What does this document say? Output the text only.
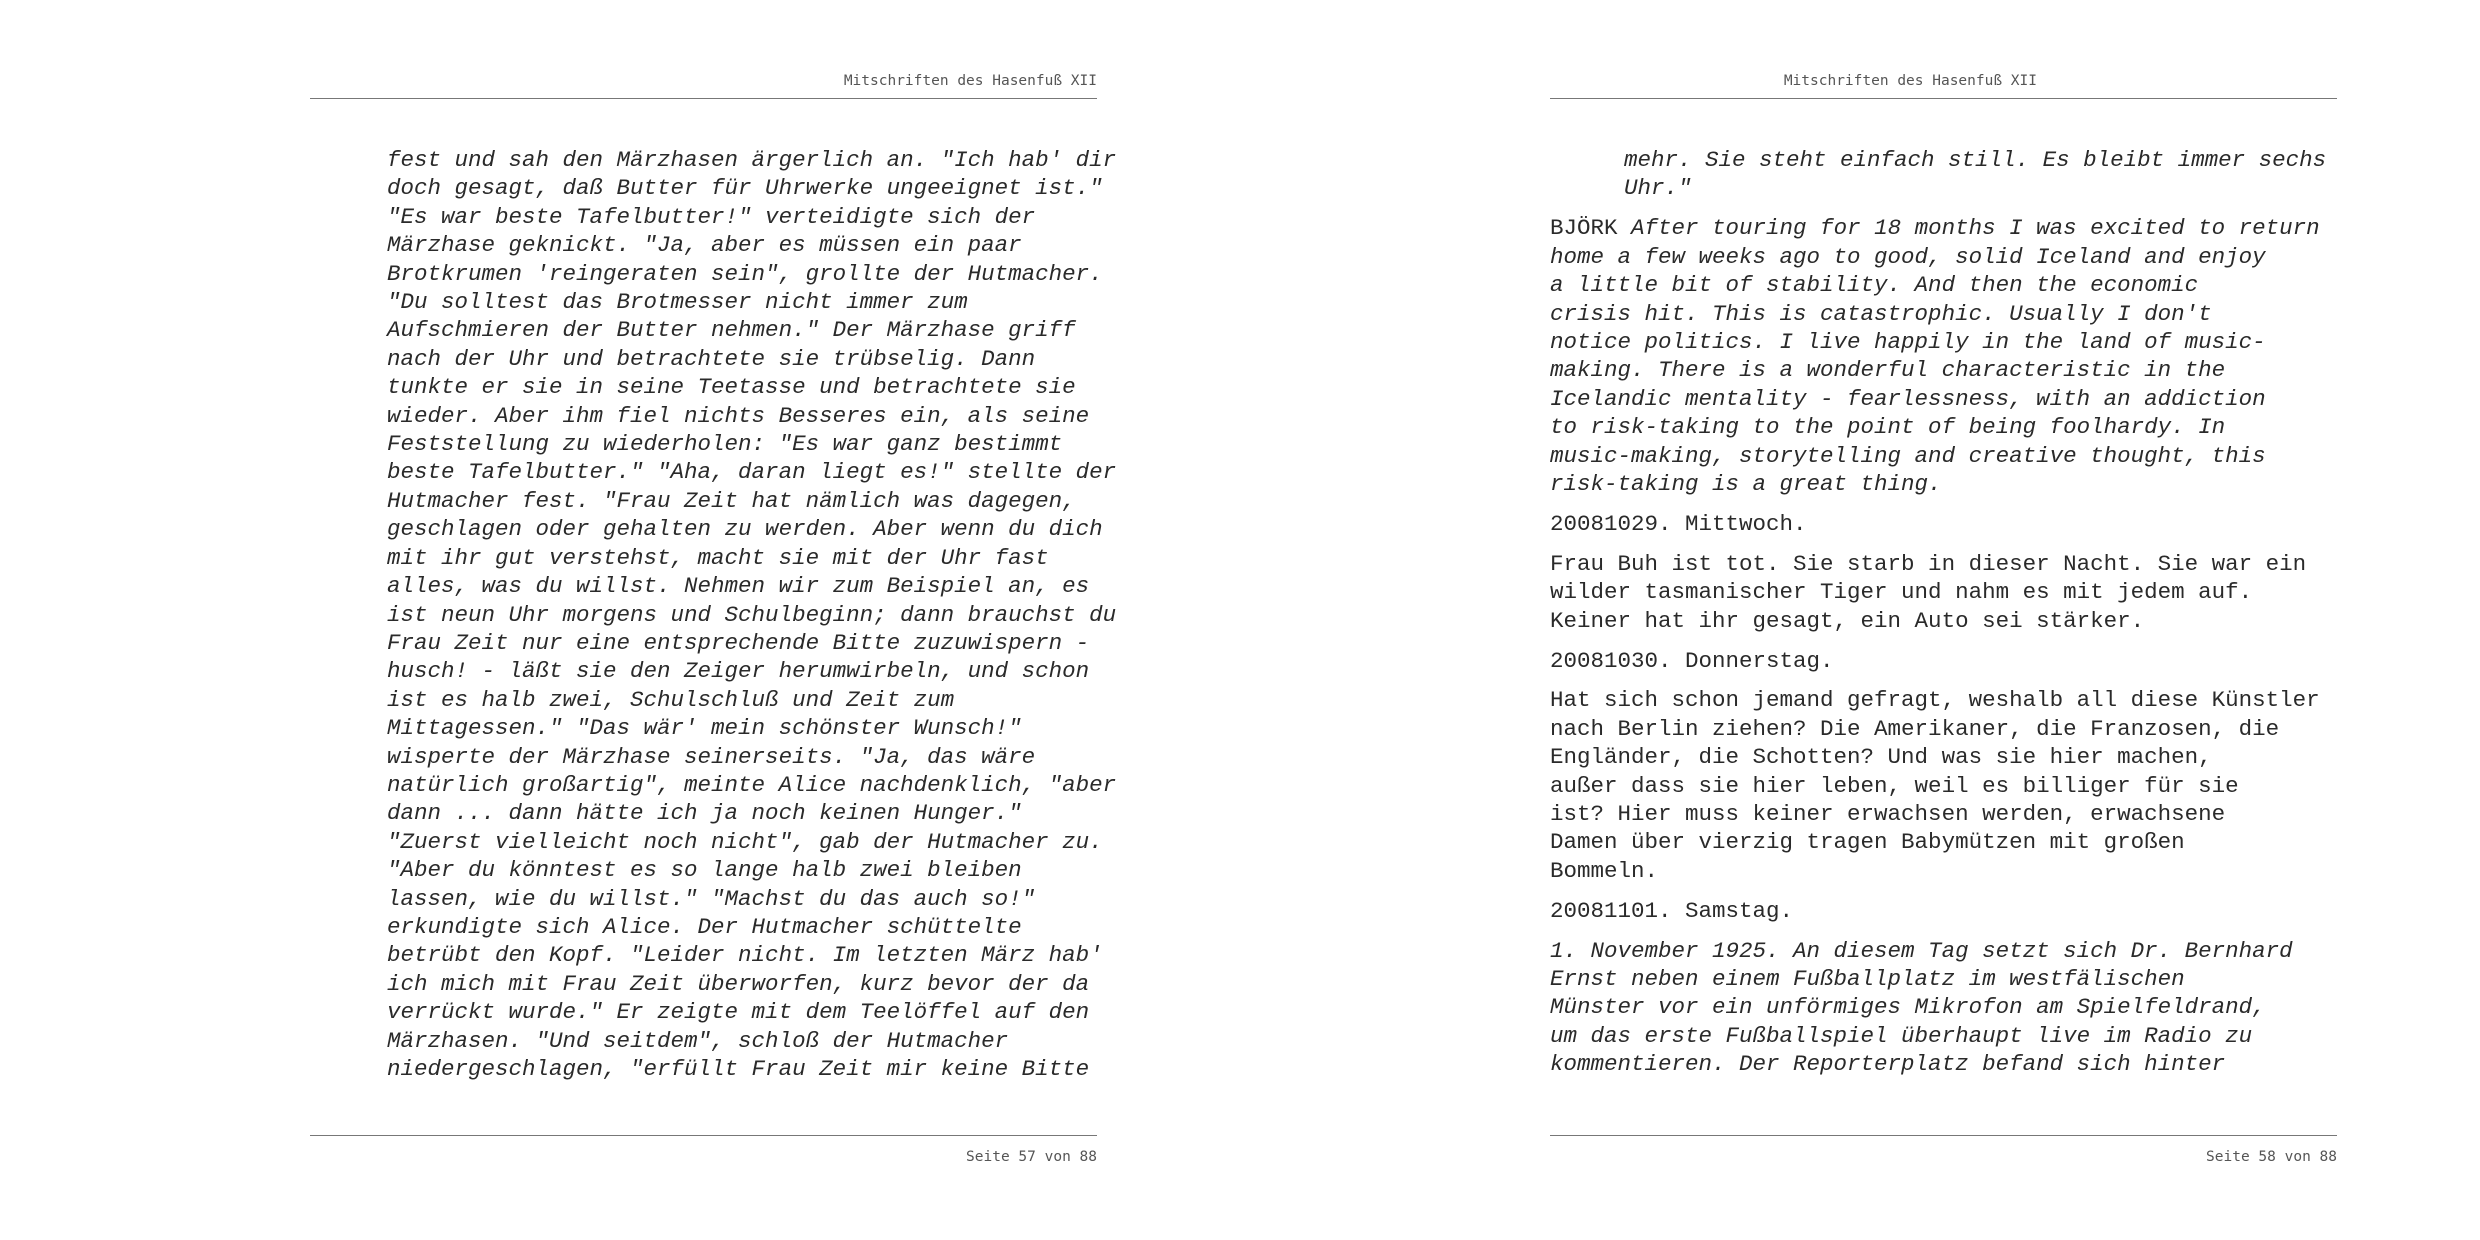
Mitschriften des Hasenfuß XII
fest und sah den Märzhasen ärgerlich an. "Ich hab' dir
doch gesagt, daß Butter für Uhrwerke ungeeignet ist."
"Es war beste Tafelbutter!" verteidigte sich der
Märzhase geknickt. "Ja, aber es müssen ein paar
Brotkrumen 'reingeraten sein", grollte der Hutmacher.
"Du solltest das Brotmesser nicht immer zum
Aufschmieren der Butter nehmen." Der Märzhase griff
nach der Uhr und betrachtete sie trübselig. Dann
tunkte er sie in seine Teetasse und betrachtete sie
wieder. Aber ihm fiel nichts Besseres ein, als seine
Feststellung zu wiederholen: "Es war ganz bestimmt
beste Tafelbutter." "Aha, daran liegt es!" stellte der
Hutmacher fest. "Frau Zeit hat nämlich was dagegen,
geschlagen oder gehalten zu werden. Aber wenn du dich
mit ihr gut verstehst, macht sie mit der Uhr fast
alles, was du willst. Nehmen wir zum Beispiel an, es
ist neun Uhr morgens und Schulbeginn; dann brauchst du
Frau Zeit nur eine entsprechende Bitte zuzuwispern -
husch! - läßt sie den Zeiger herumwirbeln, und schon
ist es halb zwei, Schulschluß und Zeit zum
Mittagessen." "Das wär' mein schönster Wunsch!"
wisperte der Märzhase seinerseits. "Ja, das wäre
natürlich großartig", meinte Alice nachdenklich, "aber
dann ... dann hätte ich ja noch keinen Hunger."
"Zuerst vielleicht noch nicht", gab der Hutmacher zu.
"Aber du könntest es so lange halb zwei bleiben
lassen, wie du willst." "Machst du das auch so!"
erkundigte sich Alice. Der Hutmacher schüttelte
betrübt den Kopf. "Leider nicht. Im letzten März hab'
ich mich mit Frau Zeit überworfen, kurz bevor der da
verrückt wurde." Er zeigte mit dem Teelöffel auf den
Märzhasen. "Und seitdem", schloß der Hutmacher
niedergeschlagen, "erfüllt Frau Zeit mir keine Bitte
Seite 57 von 88
Mitschriften des Hasenfuß XII
mehr. Sie steht einfach still. Es bleibt immer sechs
Uhr."
BJÖRK After touring for 18 months I was excited to return
home a few weeks ago to good, solid Iceland and enjoy
a little bit of stability. And then the economic
crisis hit. This is catastrophic. Usually I don't
notice politics. I live happily in the land of music-
making. There is a wonderful characteristic in the
Icelandic mentality - fearlessness, with an addiction
to risk-taking to the point of being foolhardy. In
music-making, storytelling and creative thought, this
risk-taking is a great thing.
20081029. Mittwoch.
Frau Buh ist tot. Sie starb in dieser Nacht. Sie war ein
wilder tasmanischer Tiger und nahm es mit jedem auf.
Keiner hat ihr gesagt, ein Auto sei stärker.
20081030. Donnerstag.
Hat sich schon jemand gefragt, weshalb all diese Künstler
nach Berlin ziehen? Die Amerikaner, die Franzosen, die
Engländer, die Schotten? Und was sie hier machen,
außer dass sie hier leben, weil es billiger für sie
ist? Hier muss keiner erwachsen werden, erwachsene
Damen über vierzig tragen Babymützen mit großen
Bommeln.
20081101. Samstag.
1. November 1925. An diesem Tag setzt sich Dr. Bernhard
Ernst neben einem Fußballplatz im westfälischen
Münster vor ein unförmiges Mikrofon am Spielfeldrand,
um das erste Fußballspiel überhaupt live im Radio zu
kommentieren. Der Reporterplatz befand sich hinter
Seite 58 von 88
